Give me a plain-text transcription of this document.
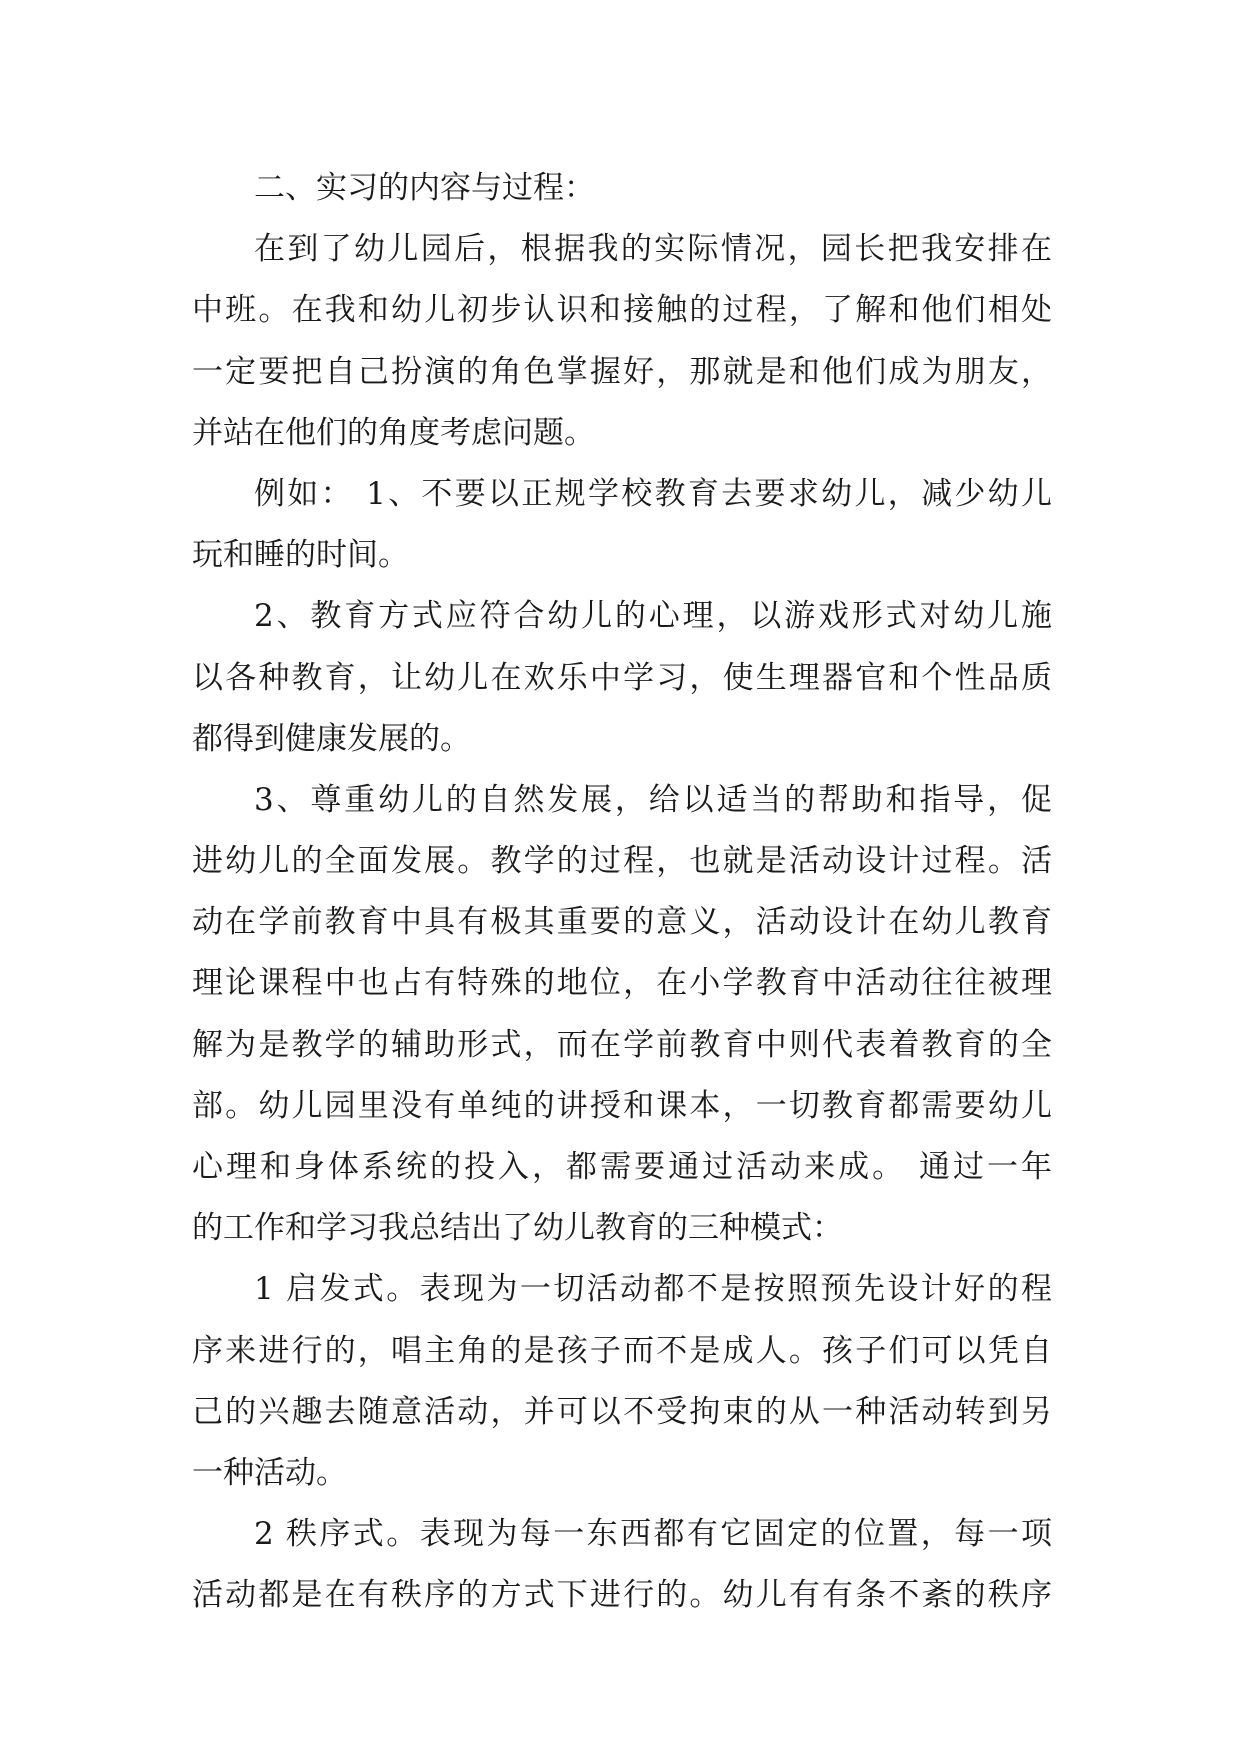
二、实习的内容与过程：
在到了幼儿园后，根据我的实际情况，园长把我安排在
中班。在我和幼儿初步认识和接触的过程，了解和他们相处
一定要把自己扮演的角色掌握好，那就是和他们成为朋友，
并站在他们的角度考虑问题。
例如： 1、不要以正规学校教育去要求幼儿，减少幼儿
玩和睡的时间。
2、教育方式应符合幼儿的心理，以游戏形式对幼儿施
以各种教育，让幼儿在欢乐中学习，使生理器官和个性品质
都得到健康发展的。
3、尊重幼儿的自然发展，给以适当的帮助和指导，促
进幼儿的全面发展。教学的过程，也就是活动设计过程。活
动在学前教育中具有极其重要的意义，活动设计在幼儿教育
理论课程中也占有特殊的地位，在小学教育中活动往往被理
解为是教学的辅助形式，而在学前教育中则代表着教育的全
部。幼儿园里没有单纯的讲授和课本，一切教育都需要幼儿
心理和身体系统的投入，都需要通过活动来成。 通过一年
的工作和学习我总结出了幼儿教育的三种模式：
1 启发式。表现为一切活动都不是按照预先设计好的程
序来进行的，唱主角的是孩子而不是成人。孩子们可以凭自
己的兴趣去随意活动，并可以不受拘束的从一种活动转到另
一种活动。
2 秩序式。表现为每一东西都有它固定的位置，每一项
活动都是在有秩序的方式下进行的。幼儿有有条不紊的秩序
